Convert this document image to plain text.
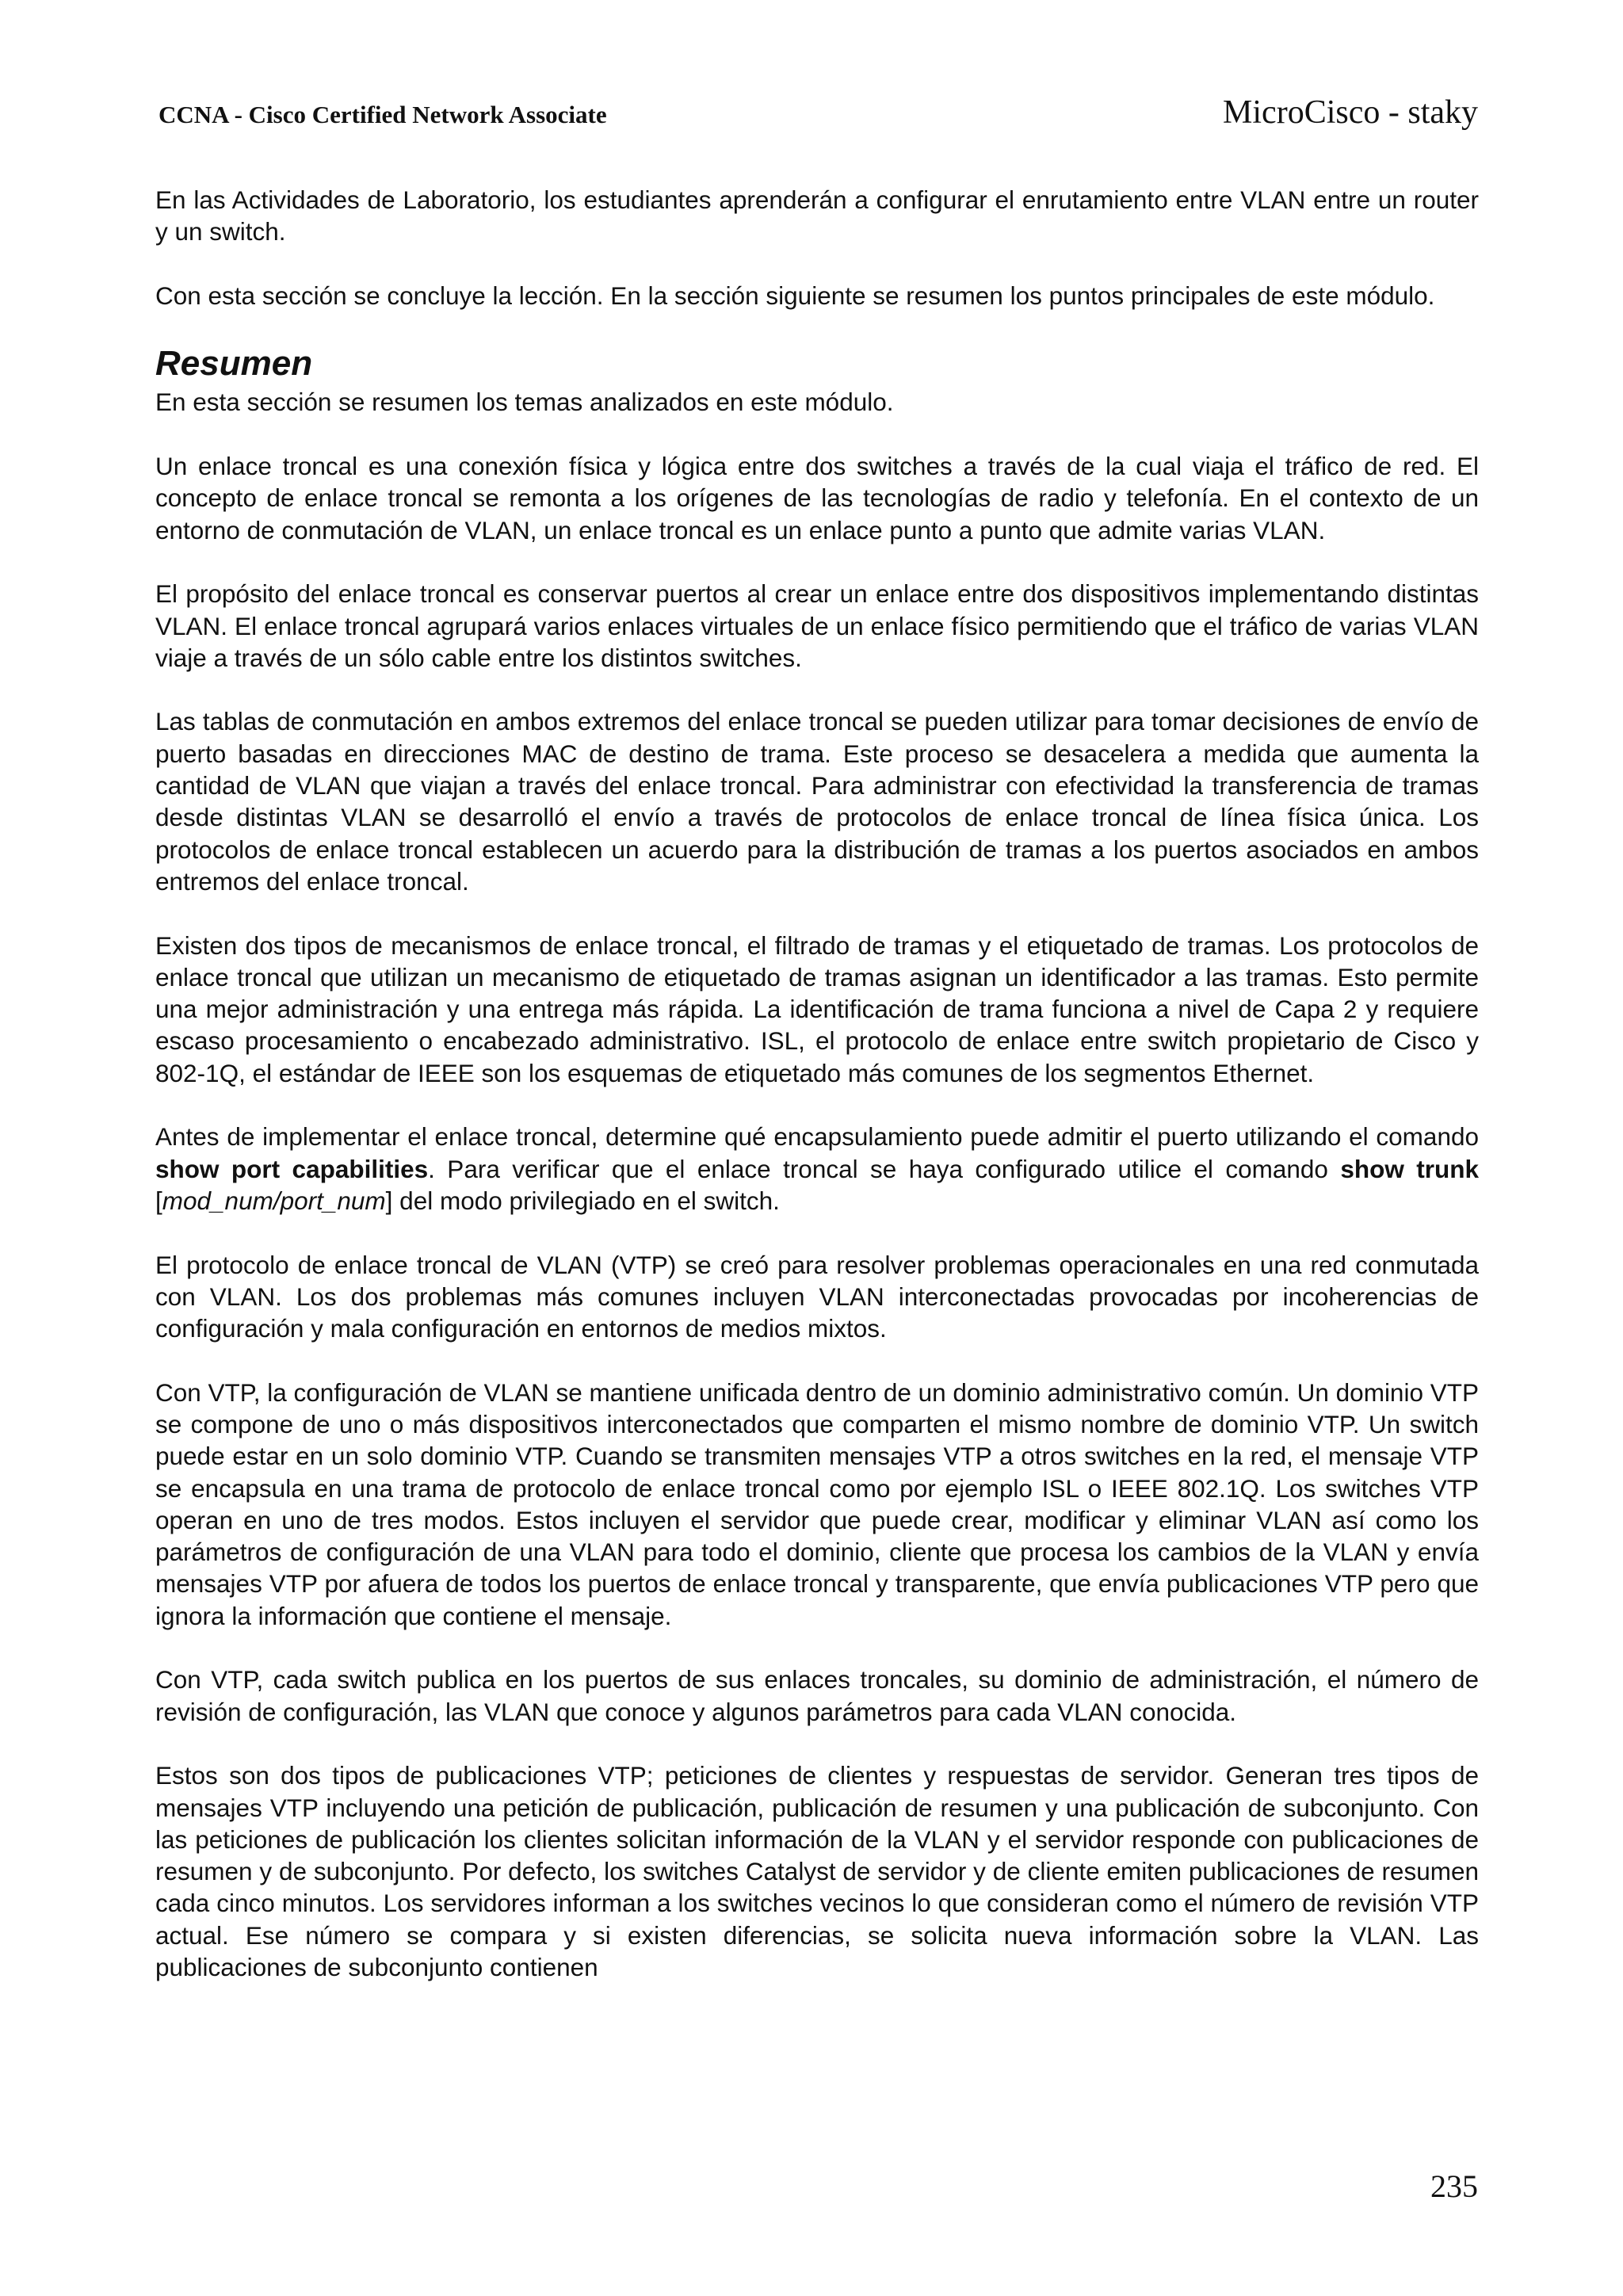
CCNA - Cisco Certified Network Associate	MicroCisco - staky

En las Actividades de Laboratorio, los estudiantes aprenderán a configurar el enrutamiento entre VLAN entre un router y un switch.

Con esta sección se concluye la lección. En la sección siguiente se resumen los puntos principales de este módulo.

Resumen

En esta sección se resumen los temas analizados en este módulo.

Un enlace troncal es una conexión física y lógica entre dos switches a través de la cual viaja el tráfico de red. El concepto de enlace troncal se remonta a los orígenes de las tecnologías de radio y telefonía. En el contexto de un entorno de conmutación de VLAN, un enlace troncal es un enlace punto a punto que admite varias VLAN.

El propósito del enlace troncal es conservar puertos al crear un enlace entre dos dispositivos implementando distintas VLAN. El enlace troncal agrupará varios enlaces virtuales de un enlace físico permitiendo que el tráfico de varias VLAN viaje a través de un sólo cable entre los distintos switches.

Las tablas de conmutación en ambos extremos del enlace troncal se pueden utilizar para tomar decisiones de envío de puerto basadas en direcciones MAC de destino de trama. Este proceso se desacelera a medida que aumenta la cantidad de VLAN que viajan a través del enlace troncal. Para administrar con efectividad la transferencia de tramas desde distintas VLAN se desarrolló el envío a través de protocolos de enlace troncal de línea física única. Los protocolos de enlace troncal establecen un acuerdo para la distribución de tramas a los puertos asociados en ambos entremos del enlace troncal.

Existen dos tipos de mecanismos de enlace troncal, el filtrado de tramas y el etiquetado de tramas. Los protocolos de enlace troncal que utilizan un mecanismo de etiquetado de tramas asignan un identificador a las tramas. Esto permite una mejor administración y una entrega más rápida. La identificación de trama funciona a nivel de Capa 2 y requiere escaso procesamiento o encabezado administrativo. ISL, el protocolo de enlace entre switch propietario de Cisco y 802-1Q, el estándar de IEEE son los esquemas de etiquetado más comunes de los segmentos Ethernet.

Antes de implementar el enlace troncal, determine qué encapsulamiento puede admitir el puerto utilizando el comando show port capabilities. Para verificar que el enlace troncal se haya configurado utilice el comando show trunk [mod_num/port_num] del modo privilegiado en el switch.

El protocolo de enlace troncal de VLAN (VTP) se creó para resolver problemas operacionales en una red conmutada con VLAN. Los dos problemas más comunes incluyen VLAN interconectadas provocadas por incoherencias de configuración y mala configuración en entornos de medios mixtos.

Con VTP, la configuración de VLAN se mantiene unificada dentro de un dominio administrativo común. Un dominio VTP se compone de uno o más dispositivos interconectados que comparten el mismo nombre de dominio VTP. Un switch puede estar en un solo dominio VTP. Cuando se transmiten mensajes VTP a otros switches en la red, el mensaje VTP se encapsula en una trama de protocolo de enlace troncal como por ejemplo ISL o IEEE 802.1Q. Los switches VTP operan en uno de tres modos. Estos incluyen el servidor que puede crear, modificar y eliminar VLAN así como los parámetros de configuración de una VLAN para todo el dominio, cliente que procesa los cambios de la VLAN y envía mensajes VTP por afuera de todos los puertos de enlace troncal y transparente, que envía publicaciones VTP pero que ignora la información que contiene el mensaje.

Con VTP, cada switch publica en los puertos de sus enlaces troncales, su dominio de administración, el número de revisión de configuración, las VLAN que conoce y algunos parámetros para cada VLAN conocida.

Estos son dos tipos de publicaciones VTP; peticiones de clientes y respuestas de servidor. Generan tres tipos de mensajes VTP incluyendo una petición de publicación, publicación de resumen y una publicación de subconjunto. Con las peticiones de publicación los clientes solicitan información de la VLAN y el servidor responde con publicaciones de resumen y de subconjunto. Por defecto, los switches Catalyst de servidor y de cliente emiten publicaciones de resumen cada cinco minutos. Los servidores informan a los switches vecinos lo que consideran como el número de revisión VTP actual. Ese número se compara y si existen diferencias, se solicita nueva información sobre la VLAN. Las publicaciones de subconjunto contienen

235
